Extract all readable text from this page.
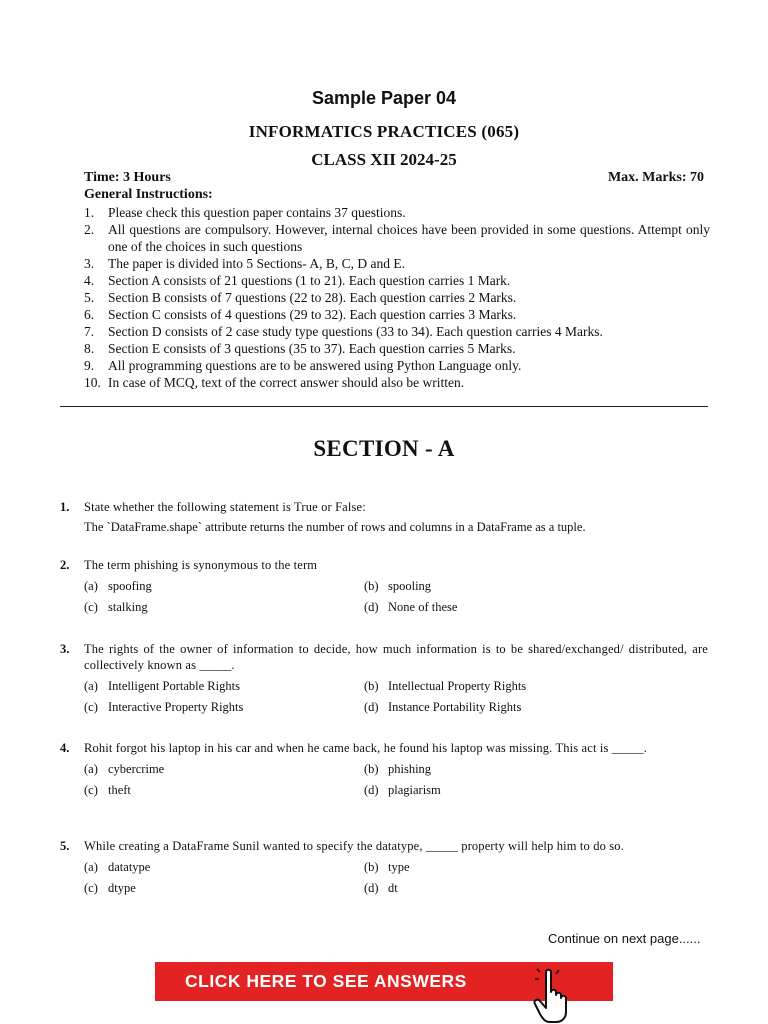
Sample Paper 04
INFORMATICS PRACTICES (065)
CLASS XII 2024-25
Time: 3 Hours	Max. Marks: 70
General Instructions:
1. Please check this question paper contains 37 questions.
2. All questions are compulsory. However, internal choices have been provided in some questions. Attempt only one of the choices in such questions
3. The paper is divided into 5 Sections- A, B, C, D and E.
4. Section A consists of 21 questions (1 to 21). Each question carries 1 Mark.
5. Section B consists of 7 questions (22 to 28). Each question carries 2 Marks.
6. Section C consists of 4 questions (29 to 32). Each question carries 3 Marks.
7. Section D consists of 2 case study type questions (33 to 34). Each question carries 4 Marks.
8. Section E consists of 3 questions (35 to 37). Each question carries 5 Marks.
9. All programming questions are to be answered using Python Language only.
10. In case of MCQ, text of the correct answer should also be written.
SECTION - A
1. State whether the following statement is True or False:
The `DataFrame.shape` attribute returns the number of rows and columns in a DataFrame as a tuple.
2. The term phishing is synonymous to the term
(a) spoofing	(b) spooling
(c) stalking	(d) None of these
3. The rights of the owner of information to decide, how much information is to be shared/exchanged/ distributed, are collectively known as _____.
(a) Intelligent Portable Rights	(b) Intellectual Property Rights
(c) Interactive Property Rights	(d) Instance Portability Rights
4. Rohit forgot his laptop in his car and when he came back, he found his laptop was missing. This act is _____.
(a) cybercrime	(b) phishing
(c) theft	(d) plagiarism
5. While creating a DataFrame Sunil wanted to specify the datatype, _____ property will help him to do so.
(a) datatype	(b) type
(c) dtype	(d) dt
Continue on next page......
CLICK HERE TO SEE ANSWERS
